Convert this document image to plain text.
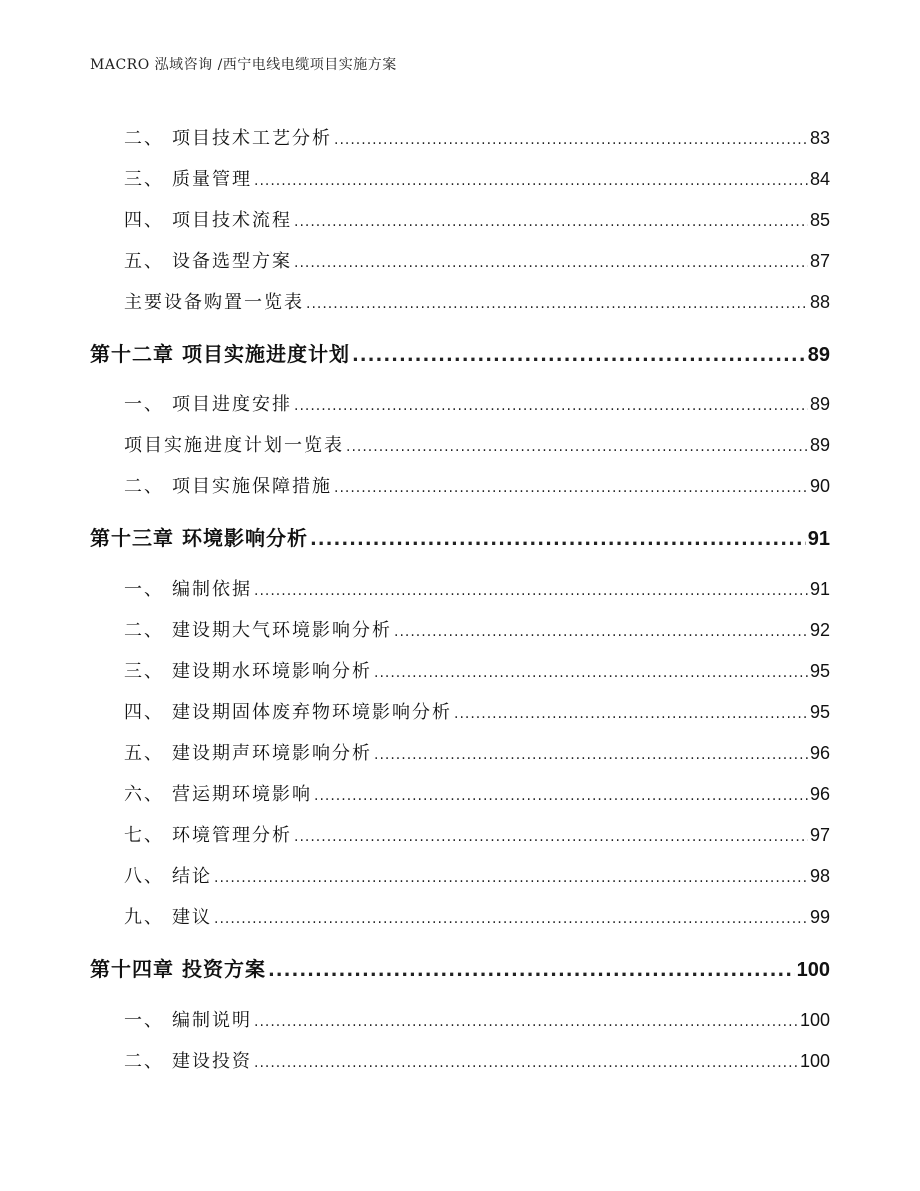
MACRO 泓域咨询 /西宁电线电缆项目实施方案
二、 项目技术工艺分析 .....	83
三、 质量管理 .....	84
四、 项目技术流程 .....	85
五、 设备选型方案 .....	87
主要设备购置一览表 .....	88
第十二章 项目实施进度计划 .....	89
一、 项目进度安排 .....	89
项目实施进度计划一览表 .....	89
二、 项目实施保障措施 .....	90
第十三章 环境影响分析 .....	91
一、 编制依据 .....	91
二、 建设期大气环境影响分析 .....	92
三、 建设期水环境影响分析 .....	95
四、 建设期固体废弃物环境影响分析 .....	95
五、 建设期声环境影响分析 .....	96
六、 营运期环境影响 .....	96
七、 环境管理分析 .....	97
八、 结论 .....	98
九、 建议 .....	99
第十四章 投资方案 .....	100
一、 编制说明 .....	100
二、 建设投资 .....	100
